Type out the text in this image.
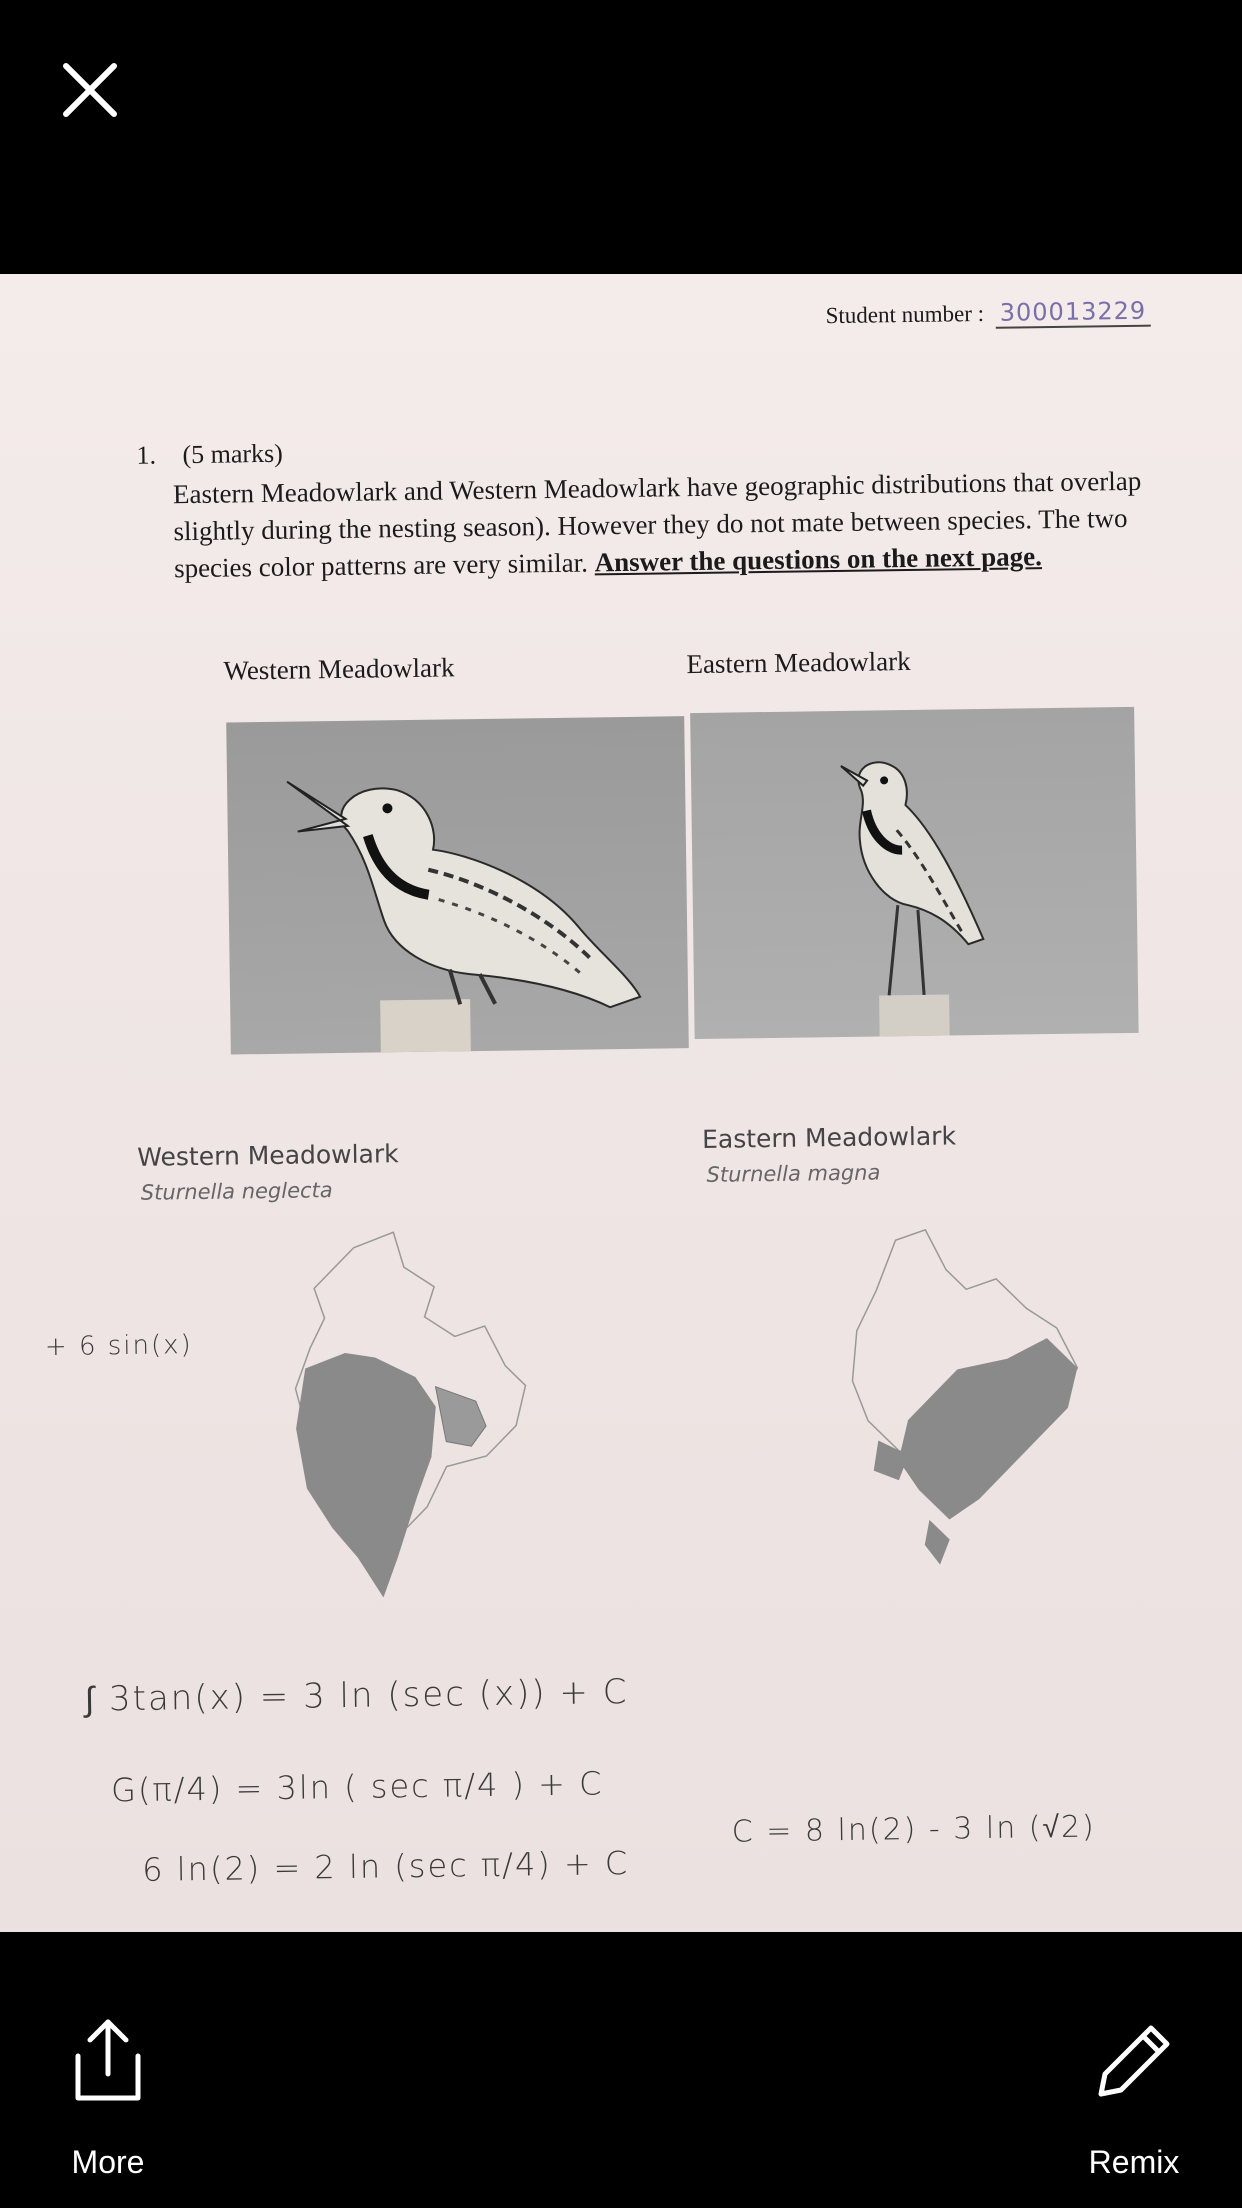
Student number : 300013229
1. (5 marks)
Eastern Meadowlark and Western Meadowlark have geographic distributions that overlap slightly during the nesting season). However they do not mate between species. The two species color patterns are very similar. Answer the questions on the next page.
Western Meadowlark	Eastern Meadowlark
Western Meadowlark
Sturnella neglecta
Eastern Meadowlark
Sturnella magna
+ 6 sin(x)
∫ 3tan(x) = 3 ln (sec (x)) + C
G(π/4) = 3ln ( sec π/4 ) + C
6 ln(2) = 2 ln (sec π/4) + C
C = 8 ln(2) - 3 ln (√2)
More	Remix
